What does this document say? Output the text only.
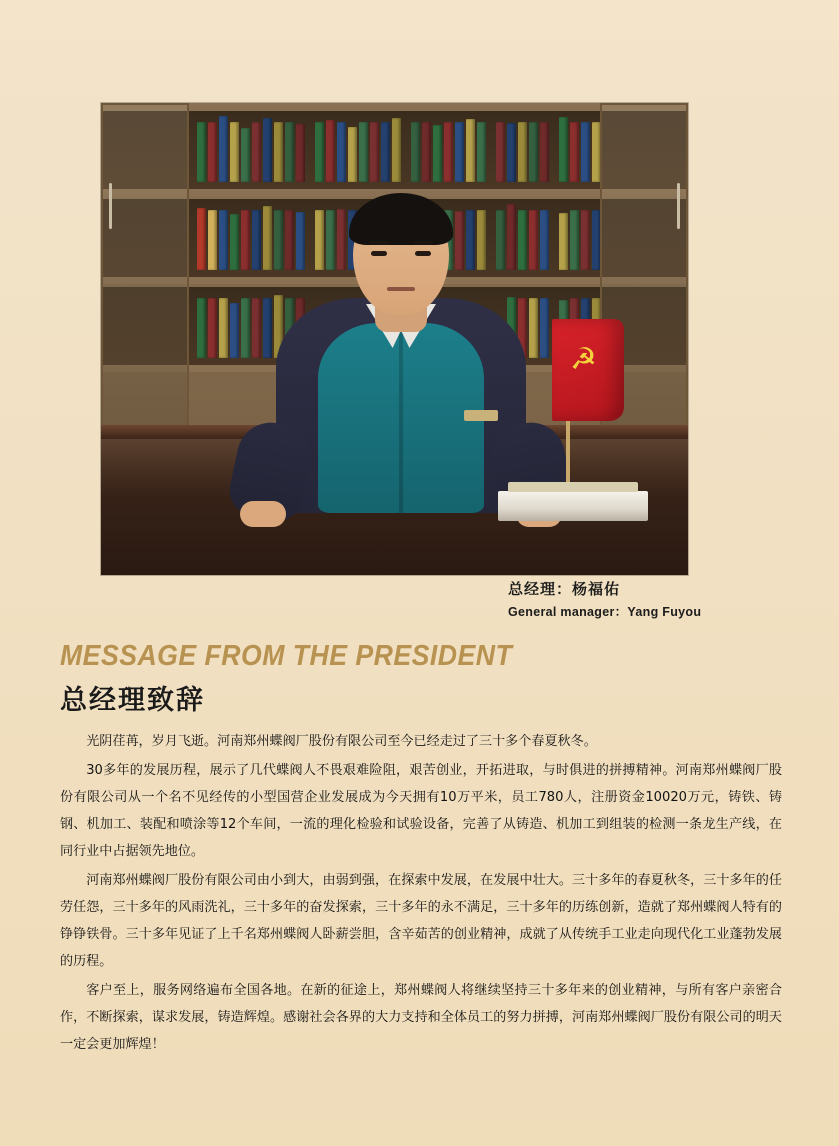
☭
总经理：杨福佑
General manager：Yang Fuyou
MESSAGE FROM THE PRESIDENT
总经理致辞

光阴荏苒，岁月飞逝。河南郑州蝶阀厂股份有限公司至今已经走过了三十多个春夏秋冬。

30多年的发展历程，展示了几代蝶阀人不畏艰难险阻，艰苦创业，开拓进取，与时俱进的拼搏精神。河南郑州蝶阀厂股份有限公司从一个名不见经传的小型国营企业发展成为今天拥有10万平米，员工780人，注册资金10020万元，铸铁、铸钢、机加工、装配和喷涂等12个车间，一流的理化检验和试验设备，完善了从铸造、机加工到组装的检测一条龙生产线，在同行业中占据领先地位。

河南郑州蝶阀厂股份有限公司由小到大，由弱到强，在探索中发展，在发展中壮大。三十多年的春夏秋冬，三十多年的任劳任怨，三十多年的风雨洗礼，三十多年的奋发探索，三十多年的永不满足，三十多年的历练创新，造就了郑州蝶阀人特有的铮铮铁骨。三十多年见证了上千名郑州蝶阀人卧薪尝胆，含辛茹苦的创业精神，成就了从传统手工业走向现代化工业蓬勃发展的历程。

客户至上，服务网络遍布全国各地。在新的征途上，郑州蝶阀人将继续坚持三十多年来的创业精神，与所有客户亲密合作，不断探索，谋求发展，铸造辉煌。感谢社会各界的大力支持和全体员工的努力拼搏，河南郑州蝶阀厂股份有限公司的明天一定会更加辉煌！
